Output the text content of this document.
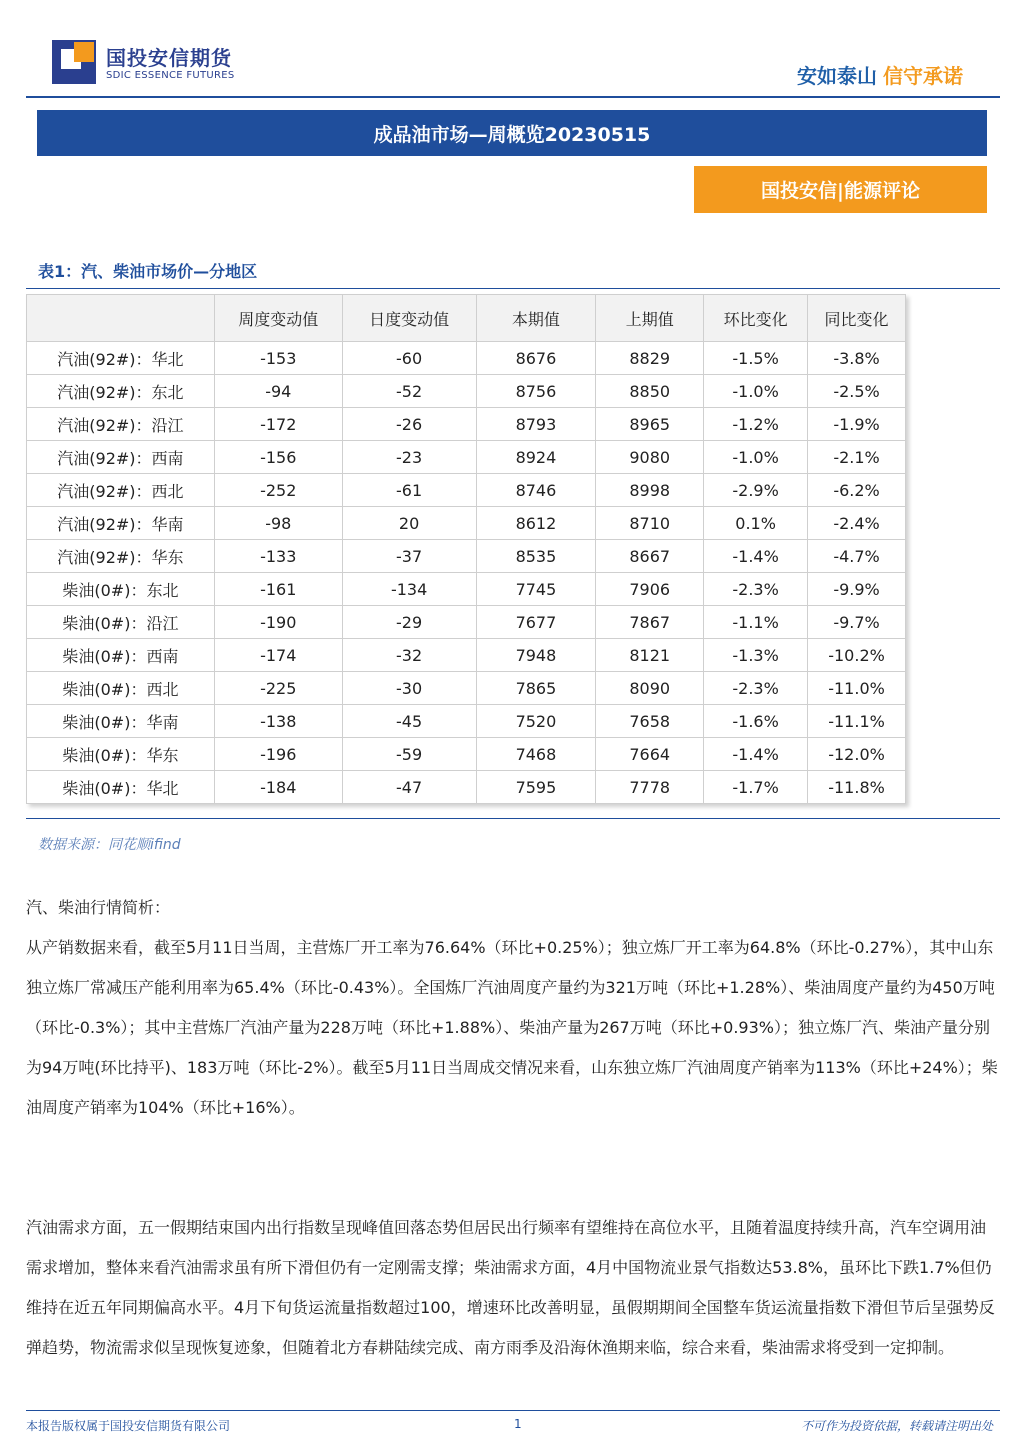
国投安信期货
SDIC ESSENCE FUTURES	安如泰山 信守承诺
成品油市场—周概览20230515
国投安信|能源评论
表1：汽、柴油市场价—分地区
	周度变动值	日度变动值	本期值	上期值	环比变化	同比变化
汽油(92#)：华北	-153	-60	8676	8829	-1.5%	-3.8%
汽油(92#)：东北	-94	-52	8756	8850	-1.0%	-2.5%
汽油(92#)：沿江	-172	-26	8793	8965	-1.2%	-1.9%
汽油(92#)：西南	-156	-23	8924	9080	-1.0%	-2.1%
汽油(92#)：西北	-252	-61	8746	8998	-2.9%	-6.2%
汽油(92#)：华南	-98	20	8612	8710	0.1%	-2.4%
汽油(92#)：华东	-133	-37	8535	8667	-1.4%	-4.7%
柴油(0#)：东北	-161	-134	7745	7906	-2.3%	-9.9%
柴油(0#)：沿江	-190	-29	7677	7867	-1.1%	-9.7%
柴油(0#)：西南	-174	-32	7948	8121	-1.3%	-10.2%
柴油(0#)：西北	-225	-30	7865	8090	-2.3%	-11.0%
柴油(0#)：华南	-138	-45	7520	7658	-1.6%	-11.1%
柴油(0#)：华东	-196	-59	7468	7664	-1.4%	-12.0%
柴油(0#)：华北	-184	-47	7595	7778	-1.7%	-11.8%
数据来源：同花顺ifind

汽、柴油行情简析：

从产销数据来看，截至5月11日当周，主营炼厂开工率为76.64%（环比+0.25%）；独立炼厂开工率为64.8%（环比-0.27%），其中山东独立炼厂常减压产能利用率为65.4%（环比-0.43%）。全国炼厂汽油周度产量约为321万吨（环比+1.28%）、柴油周度产量约为450万吨（环比-0.3%）；其中主营炼厂汽油产量为228万吨（环比+1.88%）、柴油产量为267万吨（环比+0.93%）；独立炼厂汽、柴油产量分别为94万吨(环比持平)、183万吨（环比-2%）。截至5月11日当周成交情况来看，山东独立炼厂汽油周度产销率为113%（环比+24%）；柴油周度产销率为104%（环比+16%）。

汽油需求方面，五一假期结束国内出行指数呈现峰值回落态势但居民出行频率有望维持在高位水平，且随着温度持续升高，汽车空调用油需求增加，整体来看汽油需求虽有所下滑但仍有一定刚需支撑；柴油需求方面，4月中国物流业景气指数达53.8%，虽环比下跌1.7%但仍维持在近五年同期偏高水平。4月下旬货运流量指数超过100，增速环比改善明显，虽假期期间全国整车货运流量指数下滑但节后呈强势反弹趋势，物流需求似呈现恢复迹象，但随着北方春耕陆续完成、南方雨季及沿海休渔期来临，综合来看，柴油需求将受到一定抑制。

本报告版权属于国投安信期货有限公司	1	不可作为投资依据，转载请注明出处
